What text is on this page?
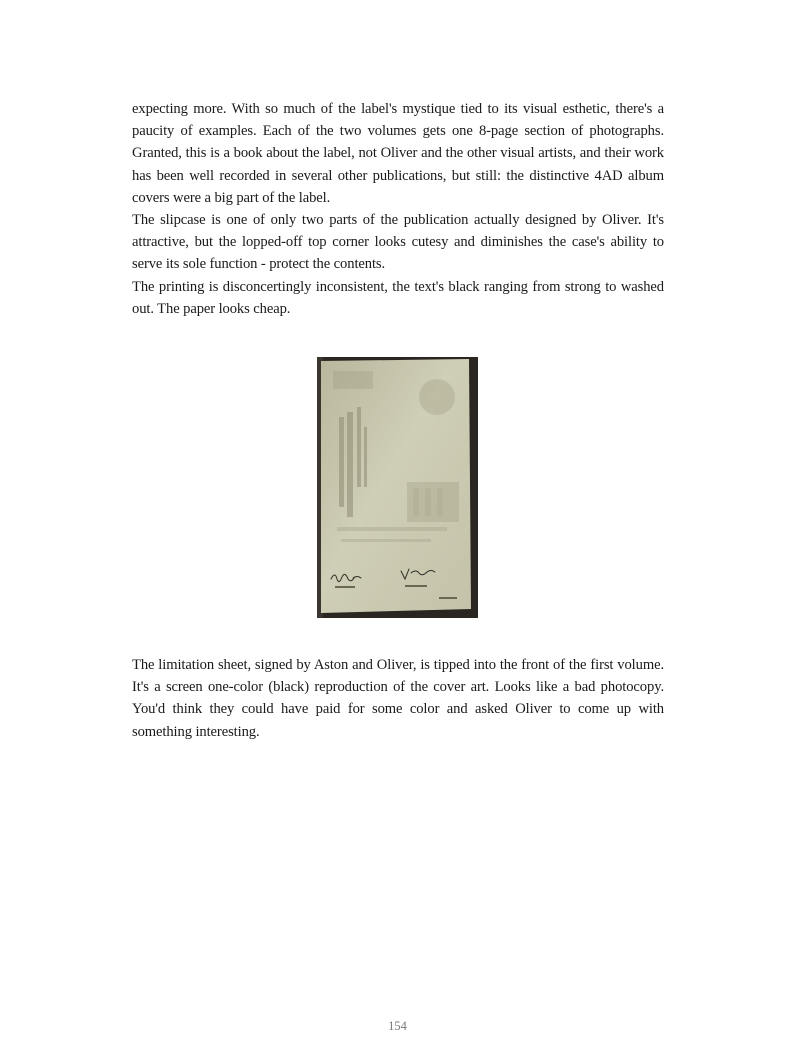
expecting more. With so much of the label's mystique tied to its visual esthetic, there's a paucity of examples. Each of the two volumes gets one 8-page section of photographs. Granted, this is a book about the label, not Oliver and the other visual artists, and their work has been well recorded in several other publications, but still: the distinctive 4AD album covers were a big part of the label.

The slipcase is one of only two parts of the publication actually designed by Oliver. It's attractive, but the lopped-off top corner looks cutesy and diminishes the case's ability to serve its sole function - protect the contents.

The printing is disconcertingly inconsistent, the text's black ranging from strong to washed out. The paper looks cheap.

The limitation sheet, signed by Aston and Oliver, is tipped into the front of the first volume. It's a screen one-color (black) reproduction of the cover art. Looks like a bad photocopy. You'd think they could have paid for some color and asked Oliver to come up with something interesting.

154
